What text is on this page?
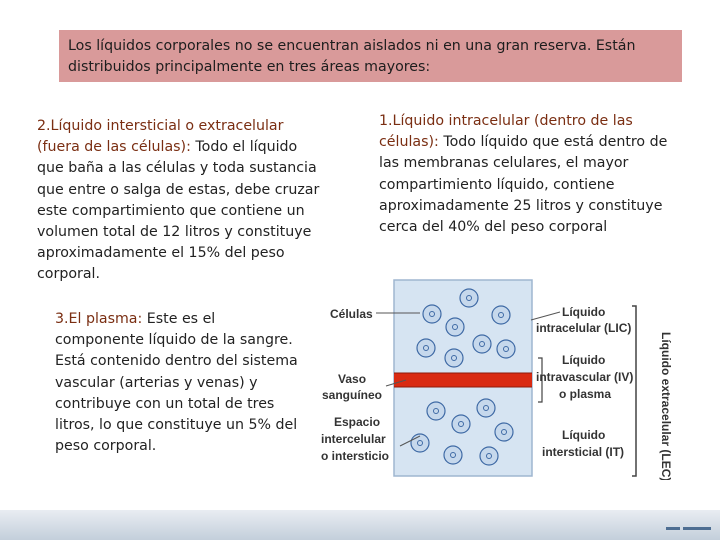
Los líquidos corporales no se encuentran aislados ni en una gran reserva. Están distribuidos principalmente en tres áreas mayores:
2.Líquido intersticial o extracelular (fuera de las células): Todo el líquido que baña a las células y toda sustancia que entre o salga de estas, debe cruzar este compartimiento que contiene un volumen total de 12 litros y constituye aproximadamente el 15% del peso corporal.
1.Líquido intracelular (dentro de las células): Todo líquido que está dentro de las membranas celulares, el mayor compartimiento líquido, contiene aproximadamente 25 litros y constituye cerca del 40% del peso corporal
3.El plasma: Este es el componente líquido de la sangre. Está contenido dentro del sistema vascular (arterias y venas) y contribuye con un total de tres litros, lo que constituye un 5% del peso corporal.
Células
Vaso
sanguíneo
Espacio
intercelular
o intersticio
Líquido
intracelular (LIC)
Líquido
intravascular (IV)
o plasma
Líquido
intersticial (IT)	Líquido extracelular (LEC)
